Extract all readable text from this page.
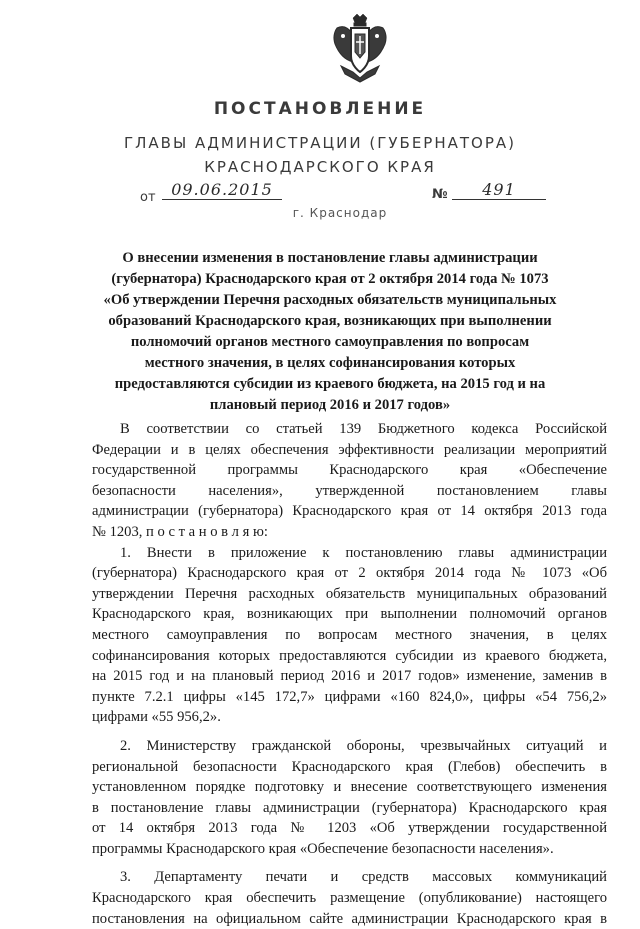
ПОСТАНОВЛЕНИЕ
ГЛАВЫ АДМИНИСТРАЦИИ (ГУБЕРНАТОРА)
КРАСНОДАРСКОГО КРАЯ
от 09.06.2015	№	491
г. Краснодар
О внесении изменения в постановление главы администрации
(губернатора) Краснодарского края от 2 октября 2014 года № 1073
«Об утверждении Перечня расходных обязательств муниципальных
образований Краснодарского края, возникающих при выполнении
полномочий органов местного самоуправления по вопросам
местного значения, в целях софинансирования которых
предоставляются субсидии из краевого бюджета, на 2015 год и на
плановый период 2016 и 2017 годов»
В соответствии со статьей 139 Бюджетного кодекса Российской
Федерации и в целях обеспечения эффективности реализации мероприятий
государственной программы Краснодарского края «Обеспечение
безопасности населения», утвержденной постановлением главы
администрации (губернатора) Краснодарского края от 14 октября 2013 года
№ 1203, п о с т а н о в л я ю:
1. Внести в приложение к постановлению главы администрации
(губернатора) Краснодарского края от 2 октября 2014 года № 1073 «Об
утверждении Перечня расходных обязательств муниципальных образований
Краснодарского края, возникающих при выполнении полномочий органов
местного самоуправления по вопросам местного значения, в целях
софинансирования которых предоставляются субсидии из краевого бюджета,
на 2015 год и на плановый период 2016 и 2017 годов» изменение, заменив в
пункте 7.2.1 цифры «145 172,7» цифрами «160 824,0», цифры «54 756,2»
цифрами «55 956,2».
2. Министерству гражданской обороны, чрезвычайных ситуаций и
региональной безопасности Краснодарского края (Глебов) обеспечить в
установленном порядке подготовку и внесение соответствующего изменения
в постановление главы администрации (губернатора) Краснодарского края
от 14 октября 2013 года № 1203 «Об утверждении государственной
программы Краснодарского края «Обеспечение безопасности населения».
3. Департаменту печати и средств массовых коммуникаций
Краснодарского края обеспечить размещение (опубликование) настоящего
постановления на официальном сайте администрации Краснодарского края в
